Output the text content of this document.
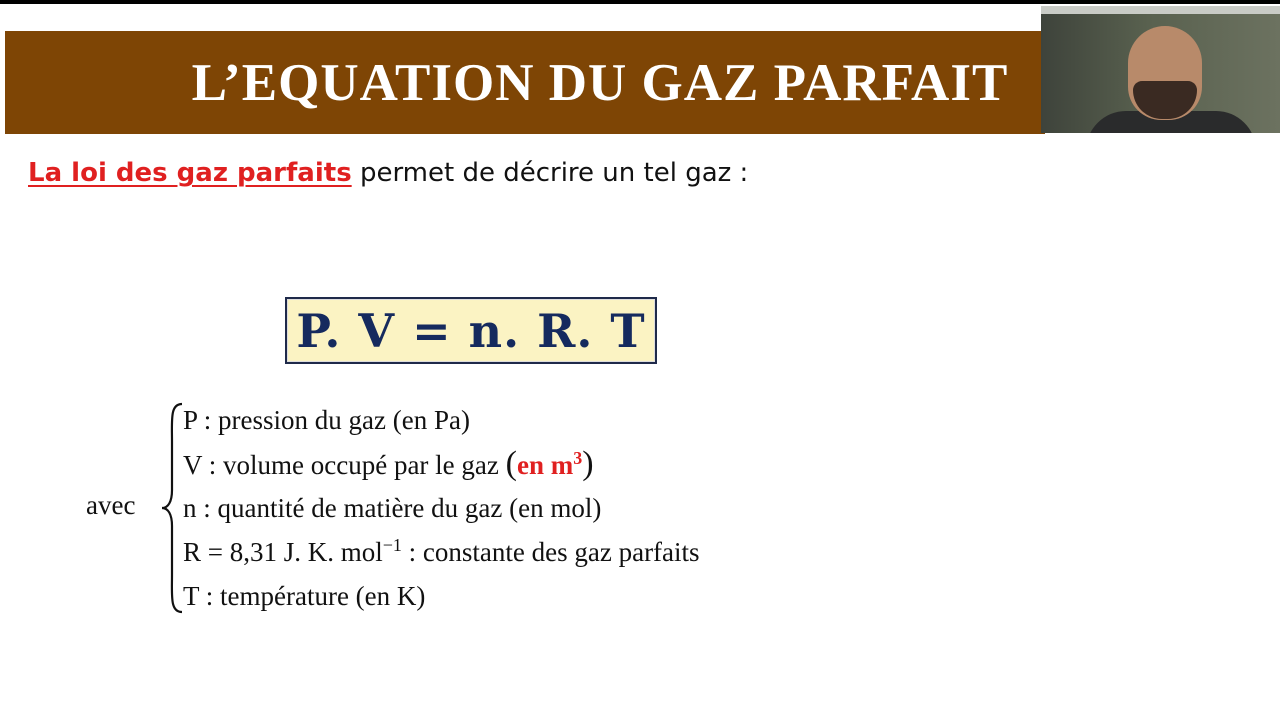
L’EQUATION DU GAZ PARFAIT
La loi des gaz parfaits permet de décrire un tel gaz :
P. V = n. R. T
avec
P : pression du gaz (en Pa)
V : volume occupé par le gaz (en $m^3$)
n : quantité de matière du gaz (en mol)
R = 8,31 J. K. mol$^{-1}$ : constante des gaz parfaits
T : température (en K)
